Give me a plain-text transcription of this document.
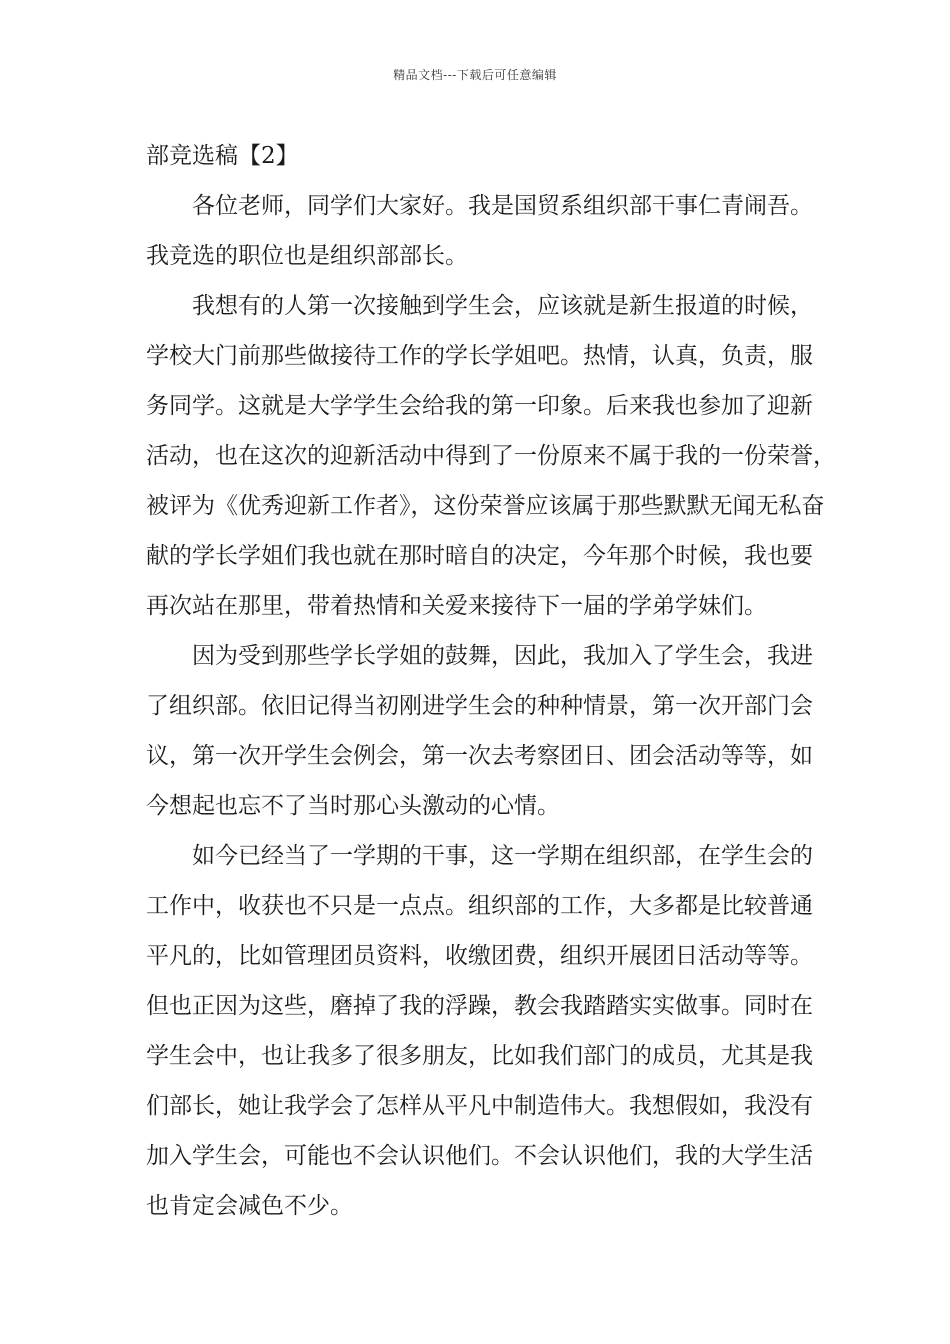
精品文档---下载后可任意编辑
部竞选稿【2】

各位老师，同学们大家好。我是国贸系组织部干事仁青闹吾。
我竞选的职位也是组织部部长。

我想有的人第一次接触到学生会，应该就是新生报道的时候，
学校大门前那些做接待工作的学长学姐吧。热情，认真，负责，服
务同学。这就是大学学生会给我的第一印象。后来我也参加了迎新
活动，也在这次的迎新活动中得到了一份原来不属于我的一份荣誉，
被评为《优秀迎新工作者》，这份荣誉应该属于那些默默无闻无私奋
献的学长学姐们我也就在那时暗自的决定，今年那个时候，我也要
再次站在那里，带着热情和关爱来接待下一届的学弟学妹们。

因为受到那些学长学姐的鼓舞，因此，我加入了学生会，我进
了组织部。依旧记得当初刚进学生会的种种情景，第一次开部门会
议，第一次开学生会例会，第一次去考察团日、团会活动等等，如
今想起也忘不了当时那心头激动的心情。

如今已经当了一学期的干事，这一学期在组织部，在学生会的
工作中，收获也不只是一点点。组织部的工作，大多都是比较普通
平凡的，比如管理团员资料，收缴团费，组织开展团日活动等等。
但也正因为这些，磨掉了我的浮躁，教会我踏踏实实做事。同时在
学生会中，也让我多了很多朋友，比如我们部门的成员，尤其是我
们部长，她让我学会了怎样从平凡中制造伟大。我想假如，我没有
加入学生会，可能也不会认识他们。不会认识他们，我的大学生活
也肯定会减色不少。
